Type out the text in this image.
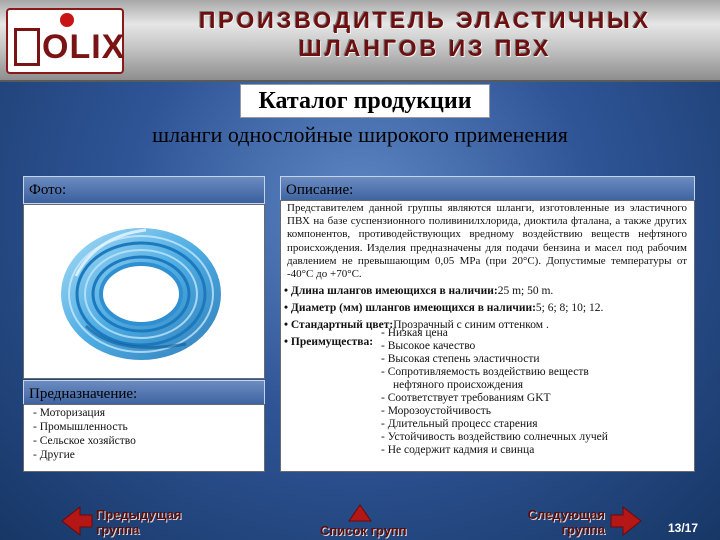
OLIX
ПРОИЗВОДИТЕЛЬ ЭЛАСТИЧНЫХ
ШЛАНГОВ ИЗ ПВХ
Каталог продукции
шланги однослойные широкого применения
Фото:
Предназначение:
- Моторизация
- Промышленность
- Сельское хозяйство
- Другие
Описание:
Представителем данной группы являются шланги, изготовленные из эластичного ПВХ на базе суспензионного поливинилхлорида, диоктила фталана, а также других компонентов, противодействующих вредному воздействию веществ нефтяного происхождения. Изделия предназначены для подачи бензина и масел под рабочим давлением не превышающим 0,05 МРа (при 20°С). Допустимые температуры от -40°С до +70°С.
• Длина шлангов имеющихся в наличии:25 m; 50 m.
• Диаметр (мм) шлангов имеющихся в наличии:5; 6; 8; 10; 12.
• Стандартный цвет:Прозрачный с синим оттенком .
• Преимущества:
- Низкая цена
- Высокое качество
- Высокая степень эластичности
- Сопротивляемость воздействию веществ
нефтяного происхождения
- Соответствует требованиям GKT
- Морозоустойчивость
- Длительный процесс старения
- Устойчивость воздействию солнечных лучей
- Не содержит кадмия и свинца
Предыдущая
группа	Список групп
Следующая
группа	13/17
